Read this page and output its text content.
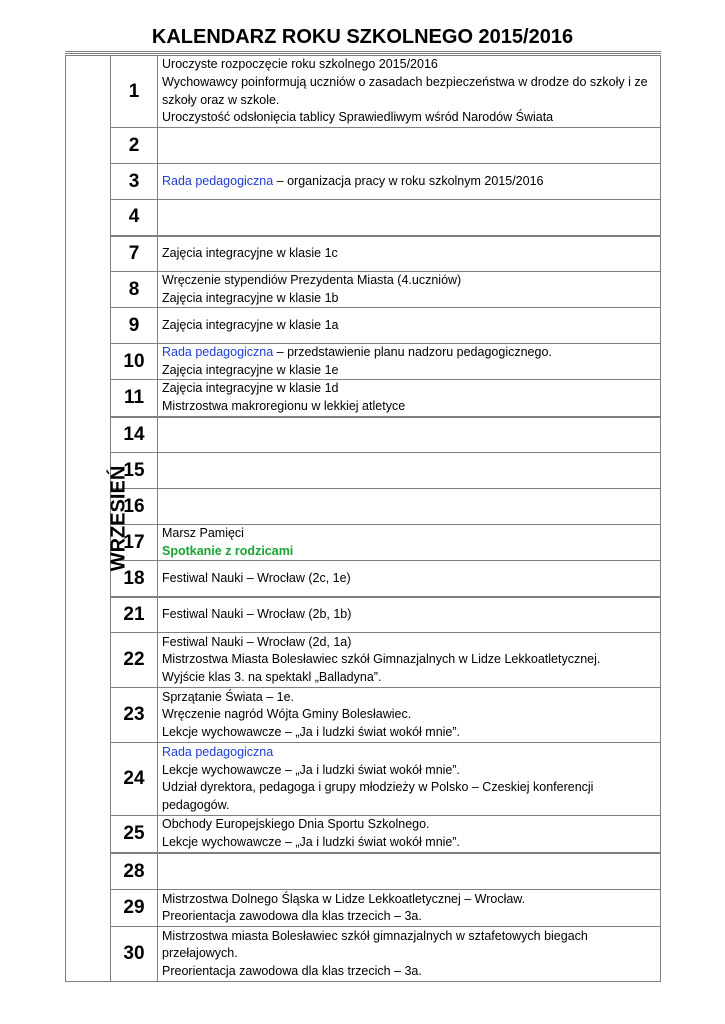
KALENDARZ ROKU SZKOLNEGO 2015/2016
WRZESIEŃ	1	Uroczyste rozpoczęcie roku szkolnego 2015/2016
Wychowawcy poinformują uczniów o zasadach bezpieczeństwa w drodze do szkoły i ze szkoły oraz w szkole.
Uroczystość odsłonięcia tablicy Sprawiedliwym wśród Narodów Świata

	2	
	3	Rada pedagogiczna – organizacja pracy w roku szkolnym 2015/2016

	4	
	7	Zajęcia integracyjne w klasie 1c

	8	Wręczenie stypendiów Prezydenta Miasta (4.uczniów)
Zajęcia integracyjne w klasie 1b

	9	Zajęcia integracyjne w klasie 1a

	10	Rada pedagogiczna – przedstawienie planu nadzoru pedagogicznego.
Zajęcia integracyjne w klasie 1e

	11	Zajęcia integracyjne w klasie 1d
Mistrzostwa makroregionu w lekkiej atletyce

	14	
	15	
	16	
	17	Marsz Pamięci
Spotkanie z rodzicami

	18	Festiwal Nauki – Wrocław (2c, 1e)

	21	Festiwal Nauki – Wrocław (2b, 1b)

	22	Festiwal Nauki – Wrocław (2d, 1a)
Mistrzostwa Miasta Bolesławiec szkół Gimnazjalnych w Lidze Lekkoatletycznej.
Wyjście klas 3. na spektakl „Balladyna”.

	23	Sprzątanie Świata – 1e.
Wręczenie nagród Wójta Gminy Bolesławiec.
Lekcje wychowawcze – „Ja i ludzki świat wokół mnie”.

	24	Rada pedagogiczna
Lekcje wychowawcze – „Ja i ludzki świat wokół mnie”.
Udział dyrektora, pedagoga i grupy młodzieży w Polsko – Czeskiej konferencji pedagogów.

	25	Obchody Europejskiego Dnia Sportu Szkolnego.
Lekcje wychowawcze – „Ja i ludzki świat wokół mnie”.

	28	
	29	Mistrzostwa Dolnego Śląska w Lidze Lekkoatletycznej – Wrocław.
Preorientacja zawodowa dla klas trzecich – 3a.

	30	Mistrzostwa miasta Bolesławiec szkół gimnazjalnych w sztafetowych biegach przełajowych.
Preorientacja zawodowa dla klas trzecich – 3a.
